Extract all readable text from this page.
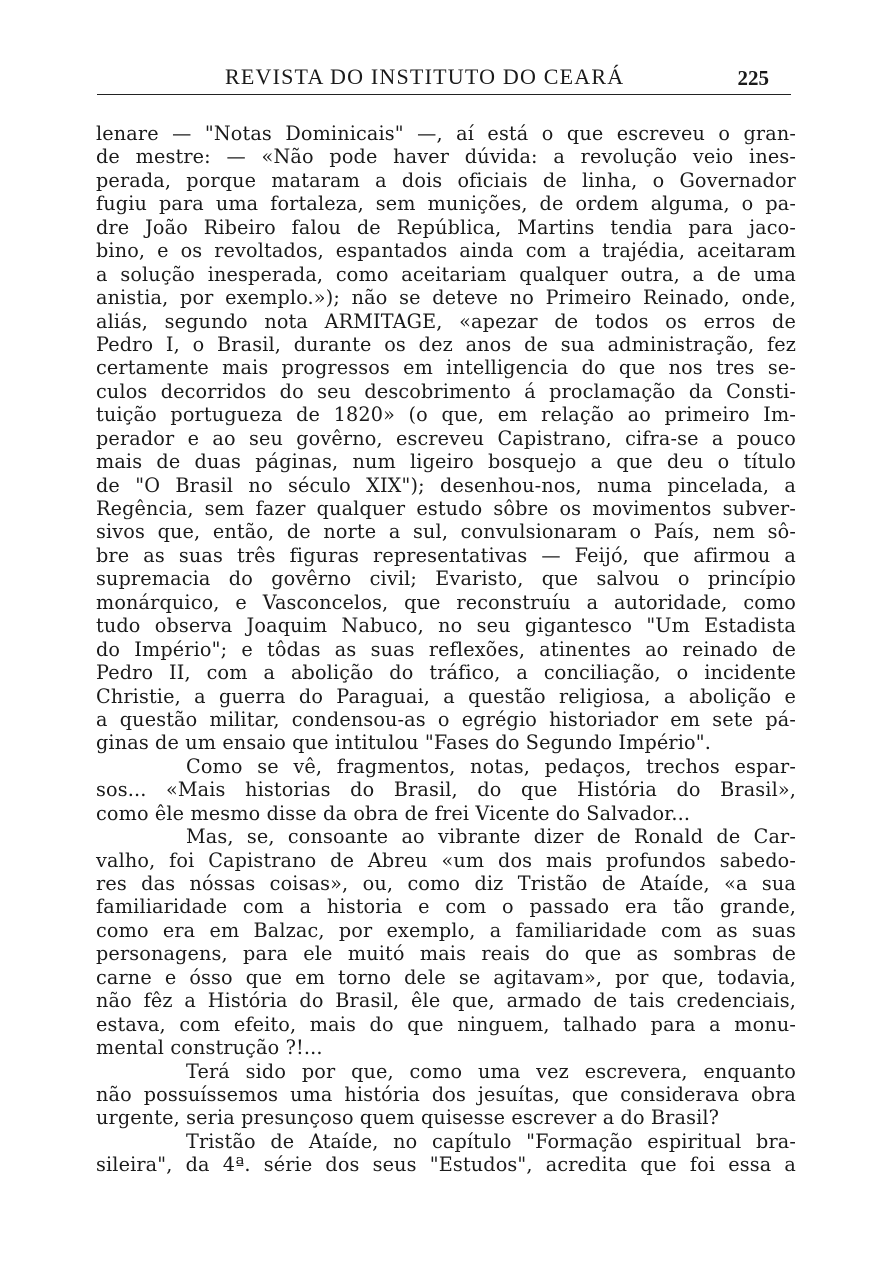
REVISTA DO INSTITUTO DO CEARÁ	225
lenare — "Notas Dominicais" —, aí está o que escreveu o gran-
de mestre: — «Não pode haver dúvida: a revolução veio ines-
perada, porque mataram a dois oficiais de linha, o Governador
fugiu para uma fortaleza, sem munições, de ordem alguma, o pa-
dre João Ribeiro falou de República, Martins tendia para jaco-
bino, e os revoltados, espantados ainda com a trajédia, aceitaram
a solução inesperada, como aceitariam qualquer outra, a de uma
anistia, por exemplo.»); não se deteve no Primeiro Reinado, onde,
aliás, segundo nota ARMITAGE, «apezar de todos os erros de
Pedro I, o Brasil, durante os dez anos de sua administração, fez
certamente mais progressos em intelligencia do que nos tres se-
culos decorridos do seu descobrimento á proclamação da Consti-
tuição portugueza de 1820» (o que, em relação ao primeiro Im-
perador e ao seu govêrno, escreveu Capistrano, cifra-se a pouco
mais de duas páginas, num ligeiro bosquejo a que deu o título
de "O Brasil no século XIX"); desenhou-nos, numa pincelada, a
Regência, sem fazer qualquer estudo sôbre os movimentos subver-
sivos que, então, de norte a sul, convulsionaram o País, nem sô-
bre as suas três figuras representativas — Feijó, que afirmou a
supremacia do govêrno civil; Evaristo, que salvou o princípio
monárquico, e Vasconcelos, que reconstruíu a autoridade, como
tudo observa Joaquim Nabuco, no seu gigantesco "Um Estadista
do Império"; e tôdas as suas reflexões, atinentes ao reinado de
Pedro II, com a abolição do tráfico, a conciliação, o incidente
Christie, a guerra do Paraguai, a questão religiosa, a abolição e
a questão militar, condensou-as o egrégio historiador em sete pá-
ginas de um ensaio que intitulou "Fases do Segundo Império".
Como se vê, fragmentos, notas, pedaços, trechos espar-
sos... «Mais historias do Brasil, do que História do Brasil»,
como êle mesmo disse da obra de frei Vicente do Salvador...
Mas, se, consoante ao vibrante dizer de Ronald de Car-
valho, foi Capistrano de Abreu «um dos mais profundos sabedo-
res das nóssas coisas», ou, como diz Tristão de Ataíde, «a sua
familiaridade com a historia e com o passado era tão grande,
como era em Balzac, por exemplo, a familiaridade com as suas
personagens, para ele muitó mais reais do que as sombras de
carne e ósso que em torno dele se agitavam», por que, todavia,
não fêz a História do Brasil, êle que, armado de tais credenciais,
estava, com efeito, mais do que ninguem, talhado para a monu-
mental construção ?!...
Terá sido por que, como uma vez escrevera, enquanto
não possuíssemos uma história dos jesuítas, que considerava obra
urgente, seria presunçoso quem quisesse escrever a do Brasil?
Tristão de Ataíde, no capítulo "Formação espiritual bra-
sileira", da 4ª. série dos seus "Estudos", acredita que foi essa a
